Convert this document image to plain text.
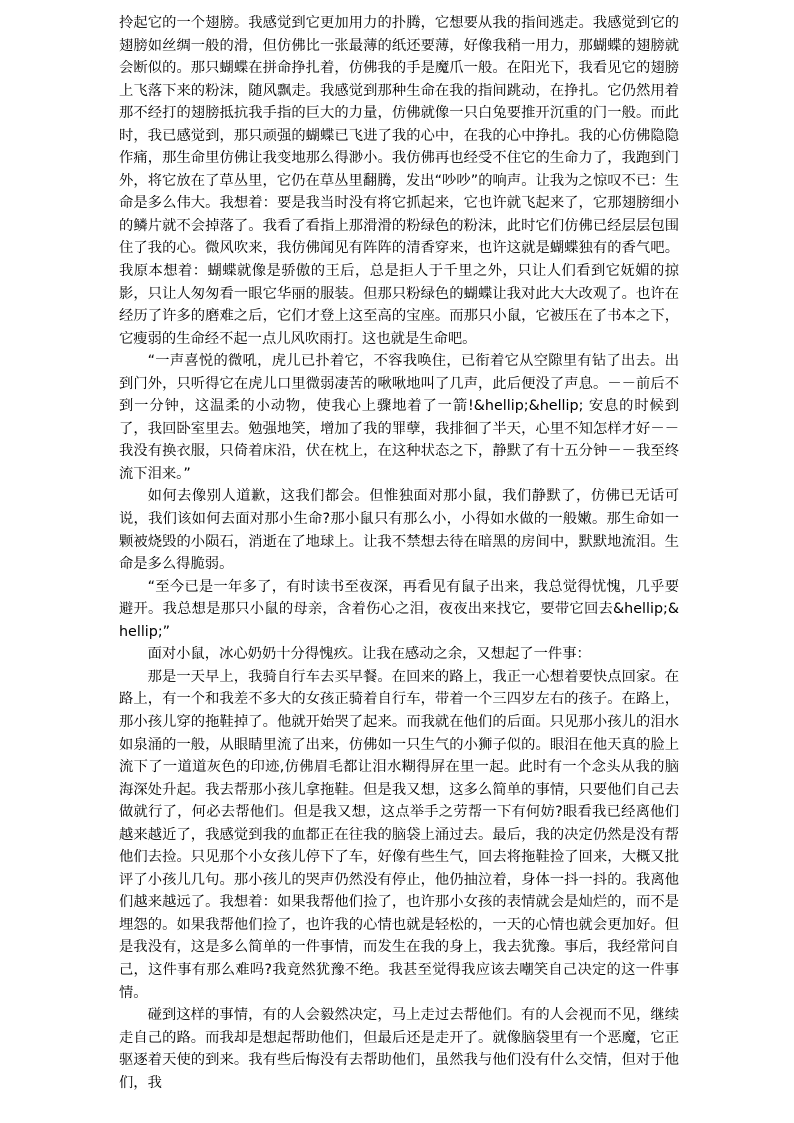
拎起它的一个翅膀。我感觉到它更加用力的扑腾，它想要从我的指间逃走。我感觉到它的翅膀如丝绸一般的滑，但仿佛比一张最薄的纸还要薄，好像我稍一用力，那蝴蝶的翅膀就会断似的。那只蝴蝶在拼命挣扎着，仿佛我的手是魔爪一般。在阳光下，我看见它的翅膀上飞落下来的粉沫，随风飘走。我感觉到那种生命在我的指间跳动，在挣扎。它仍然用着那不经打的翅膀抵抗我手指的巨大的力量，仿佛就像一只白兔要推开沉重的门一般。而此时，我已感觉到，那只顽强的蝴蝶已飞进了我的心中，在我的心中挣扎。我的心仿佛隐隐作痛，那生命里仿佛让我变地那么得渺小。我仿佛再也经受不住它的生命力了，我跑到门外，将它放在了草丛里，它仍在草丛里翻腾，发出“吵吵”的响声。让我为之惊叹不已：生命是多么伟大。我想着：要是我当时没有将它抓起来，它也许就飞起来了，它那翅膀细小的鳞片就不会掉落了。我看了看指上那滑滑的粉绿色的粉沫，此时它们仿佛已经层层包围住了我的心。微风吹来，我仿佛闻见有阵阵的清香穿来，也许这就是蝴蝶独有的香气吧。我原本想着：蝴蝶就像是骄傲的王后，总是拒人于千里之外，只让人们看到它妩媚的掠影，只让人匆匆看一眼它华丽的服装。但那只粉绿色的蝴蝶让我对此大大改观了。也许在经历了许多的磨难之后，它们才登上这至高的宝座。而那只小鼠，它被压在了书本之下，它瘦弱的生命经不起一点儿风吹雨打。这也就是生命吧。

“一声喜悦的微吼，虎儿已扑着它，不容我唤住，已衔着它从空隙里有钻了出去。出到门外，只听得它在虎儿口里微弱凄苦的啾啾地叫了几声，此后便没了声息。－－前后不到一分钟，这温柔的小动物，使我心上骤地着了一箭!&hellip;&hellip; 安息的时候到了，我回卧室里去。勉强地笑，增加了我的罪孽，我排徊了半天，心里不知怎样才好－－我没有换衣服，只倚着床沿，伏在枕上，在这种状态之下，静默了有十五分钟－－我至终流下泪来。”

如何去像别人道歉，这我们都会。但惟独面对那小鼠，我们静默了，仿佛已无话可说，我们该如何去面对那小生命?那小鼠只有那么小，小得如水做的一般嫩。那生命如一颗被烧毁的小陨石，消逝在了地球上。让我不禁想去待在暗黑的房间中，默默地流泪。生命是多么得脆弱。

“至今已是一年多了，有时读书至夜深，再看见有鼠子出来，我总觉得忧愧，几乎要避开。我总想是那只小鼠的母亲，含着伤心之泪，夜夜出来找它，要带它回去&hellip;&hellip;”

面对小鼠，冰心奶奶十分得愧疚。让我在感动之余，又想起了一件事：

那是一天早上，我骑自行车去买早餐。在回来的路上，我正一心想着要快点回家。在路上，有一个和我差不多大的女孩正骑着自行车，带着一个三四岁左右的孩子。在路上，那小孩儿穿的拖鞋掉了。他就开始哭了起来。而我就在他们的后面。只见那小孩儿的泪水如泉涌的一般，从眼睛里流了出来，仿佛如一只生气的小狮子似的。眼泪在他天真的脸上流下了一道道灰色的印迹,仿佛眉毛都让泪水糊得屏在里一起。此时有一个念头从我的脑海深处升起。我去帮那小孩儿拿拖鞋。但是我又想，这多么简单的事情，只要他们自己去做就行了，何必去帮他们。但是我又想，这点举手之劳帮一下有何妨?眼看我已经离他们越来越近了，我感觉到我的血都正在往我的脑袋上涌过去。最后，我的决定仍然是没有帮他们去捡。只见那个小女孩儿停下了车，好像有些生气，回去将拖鞋捡了回来，大概又批评了小孩儿几句。那小孩儿的哭声仍然没有停止，他仍抽泣着，身体一抖一抖的。我离他们越来越远了。我想着：如果我帮他们捡了，也许那小女孩的表情就会是灿烂的，而不是埋怨的。如果我帮他们捡了，也许我的心情也就是轻松的，一天的心情也就会更加好。但是我没有，这是多么简单的一件事情，而发生在我的身上，我去犹豫。事后，我经常问自己，这件事有那么难吗?我竟然犹豫不绝。我甚至觉得我应该去嘲笑自己决定的这一件事情。

碰到这样的事情，有的人会毅然决定，马上走过去帮他们。有的人会视而不见，继续走自己的路。而我却是想起帮助他们，但最后还是走开了。就像脑袋里有一个恶魔，它正驱逐着天使的到来。我有些后悔没有去帮助他们，虽然我与他们没有什么交情，但对于他们，我
